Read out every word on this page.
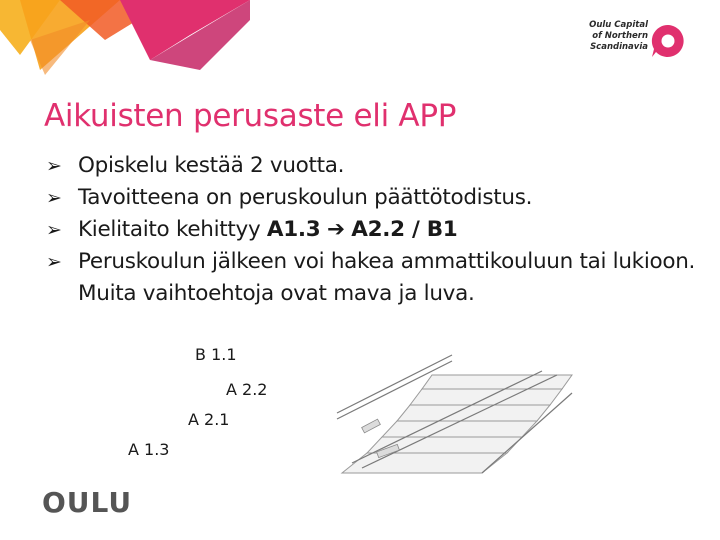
Oulu Capital
of Northern
Scandinavia
Aikuisten perusaste eli APP
➢ Opiskelu kestää 2 vuotta.
➢ Tavoitteena on peruskoulun päättötodistus.
➢ Kielitaito kehittyy A1.3 ➔ A2.2 / B1
➢ Peruskoulun jälkeen voi hakea ammattikouluun tai lukioon. Muita vaihtoehtoja ovat mava ja luva.
B 1.1
A 2.2
A 2.1
A 1.3
OULU
